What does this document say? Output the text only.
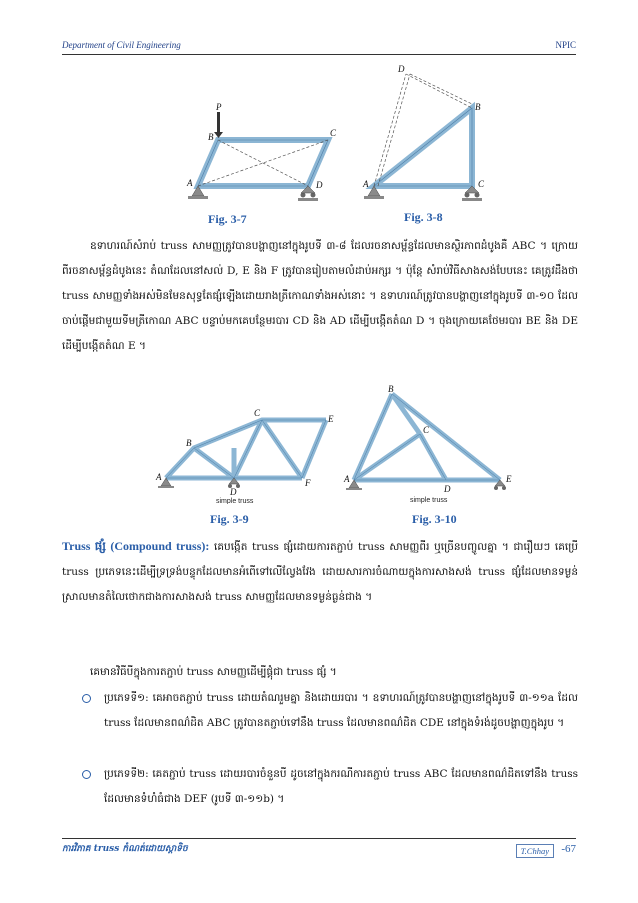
Department of Civil Engineering	NPIC
P
A
B	C
D
Fig. 3-7
D
B
A	C
Fig. 3-8

ឧទាហរណ៍សំរាប់ truss សាមញ្ញត្រូវបានបង្ហាញនៅក្នុងរូបទី ៣-៨ ដែលរចនាសម្ព័ន្ធដែលមានស្ថិរភាពដំបូងគឺ ABC ។ ក្រោយពីរចនាសម្ព័ន្ធដំបូងនេះ តំណដែលនៅសល់ D, E និង F ត្រូវបានរៀបតាមលំដាប់អក្សរ ។ ប៉ុន្តែ សំរាប់វិធីសាងសង់បែបនេះ គេត្រូវដឹងថា truss សាមញ្ញទាំងអស់មិនមែនសុទ្ធតែផ្សំឡើងដោយរាងត្រីកោណទាំងអស់នោះ ។ ឧទាហរណ៍ត្រូវបានបង្ហាញនៅក្នុងរូបទី ៣-១០ ដែលចាប់ផ្តើមជាមួយទីមត្រីកោណ ABC បន្ទាប់មកគេបន្ថែមរបារ CD និង AD ដើម្បីបង្កើតតំណ D ។ ចុងក្រោយគេថែមរបារ BE និង DE ដើម្បីបង្កើតតំណ E ។

A
B
C
D
E
F
simple truss
Fig. 3-9
A
B
C
D
E
simple truss
Fig. 3-10

Truss ផ្សំ (Compound truss): គេបង្កើត truss ផ្សំដោយការតភ្ជាប់ truss សាមញ្ញពីរ ឬច្រើនបញ្ចូលគ្នា ។ ជារឿយៗ គេប្រើ truss ប្រភេទនេះដើម្បីទ្រទ្រង់បន្ទុកដែលមានអំពើទៅលើល្វែងវែង ដោយសារការចំណាយក្នុងការសាងសង់ truss ផ្សំដែលមានទម្ងន់ស្រាលមានតំលៃថោកជាងការសាងសង់ truss សាមញ្ញដែលមានទម្ងន់ធ្ងន់ជាង ។

គេមានវិធីបីក្នុងការតភ្ជាប់ truss សាមញ្ញដើម្បីផ្គុំជា truss ផ្សំ ។

ប្រភេទទី១: គេអាចតភ្ជាប់ truss ដោយតំណរួមគ្នា និងដោយរបារ ។ ឧទាហរណ៍ត្រូវបានបង្ហាញនៅក្នុងរូបទី ៣-១១a ដែល truss ដែលមានពណ៌ដិត ABC ត្រូវបានតភ្ជាប់ទៅនឹង truss ដែលមានពណ៌ដិត CDE នៅក្នុងទំរង់ដូចបង្ហាញក្នុងរូប ។

ប្រភេទទី២: គេតភ្ជាប់ truss ដោយរបារចំនួនបី ដូចនៅក្នុងករណីការតភ្ជាប់ truss ABC ដែលមានពណ៌ដិតទៅនឹង truss ដែលមានទំហំធំជាង DEF (រូបទី ៣-១១b) ។

ការវិភាគ truss កំណត់ដោយស្តាទិច	T.Chhay	-67
